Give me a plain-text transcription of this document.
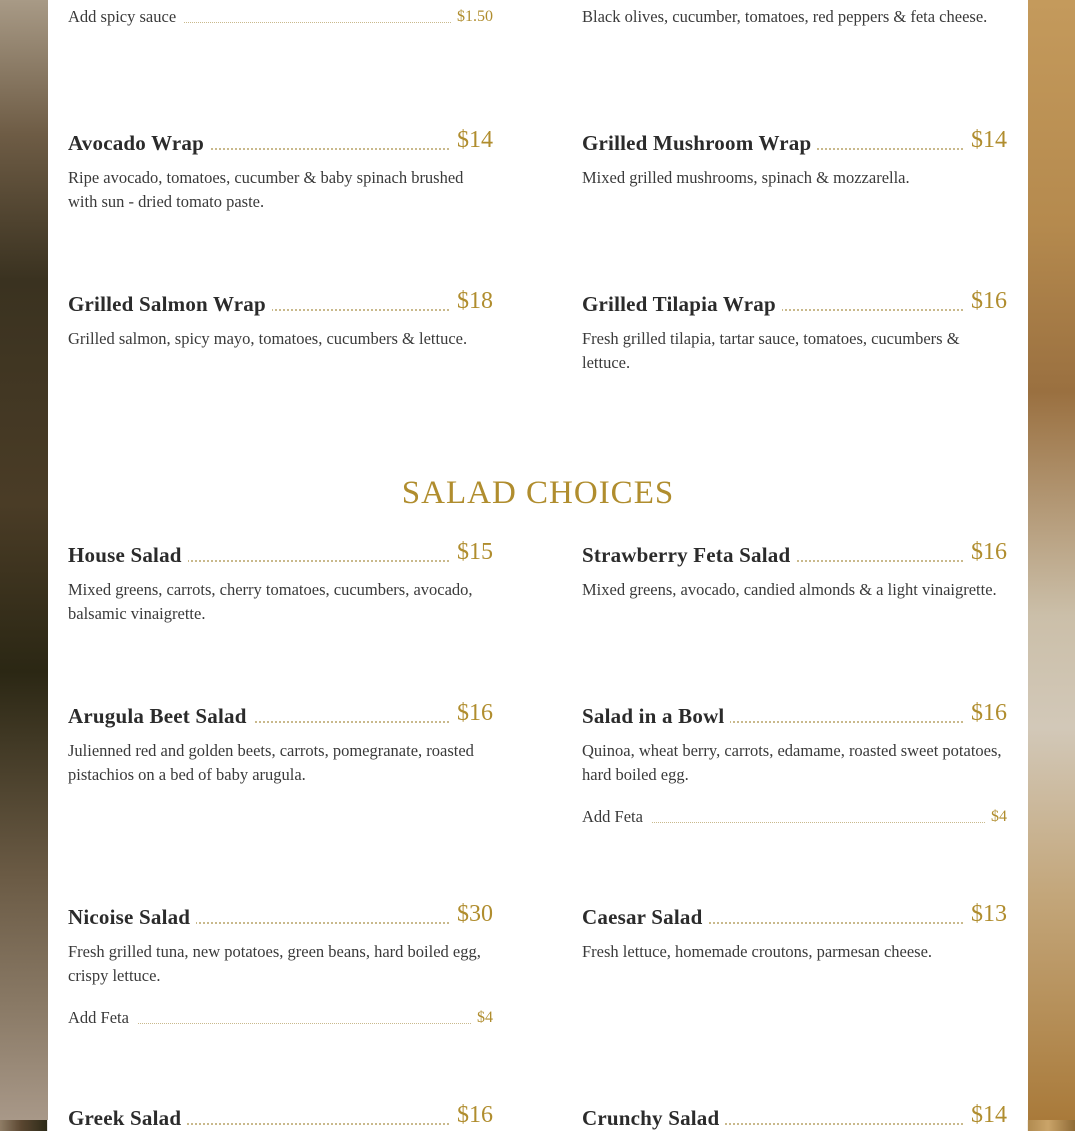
Add spicy sauce	$1.50	Black olives, cucumber, tomatoes, red peppers & feta cheese.
Avocado Wrap	$14
Ripe avocado, tomatoes, cucumber & baby spinach brushed with sun - dried tomato paste.
Grilled Mushroom Wrap	$14
Mixed grilled mushrooms, spinach & mozzarella.
Grilled Salmon Wrap	$18
Grilled salmon, spicy mayo, tomatoes, cucumbers & lettuce.
Grilled Tilapia Wrap	$16
Fresh grilled tilapia, tartar sauce, tomatoes, cucumbers & lettuce.
SALAD CHOICES
House Salad	$15
Mixed greens, carrots, cherry tomatoes, cucumbers, avocado, balsamic vinaigrette.
Strawberry Feta Salad	$16
Mixed greens, avocado, candied almonds & a light vinaigrette.
Arugula Beet Salad	$16
Julienned red and golden beets, carrots, pomegranate, roasted pistachios on a bed of baby arugula.
Salad in a Bowl	$16
Quinoa, wheat berry, carrots, edamame, roasted sweet potatoes, hard boiled egg.
Add Feta	$4
Nicoise Salad	$30
Fresh grilled tuna, new potatoes, green beans, hard boiled egg, crispy lettuce.
Add Feta	$4
Caesar Salad	$13
Fresh lettuce, homemade croutons, parmesan cheese.
Greek Salad	$16	Crunchy Salad	$14
